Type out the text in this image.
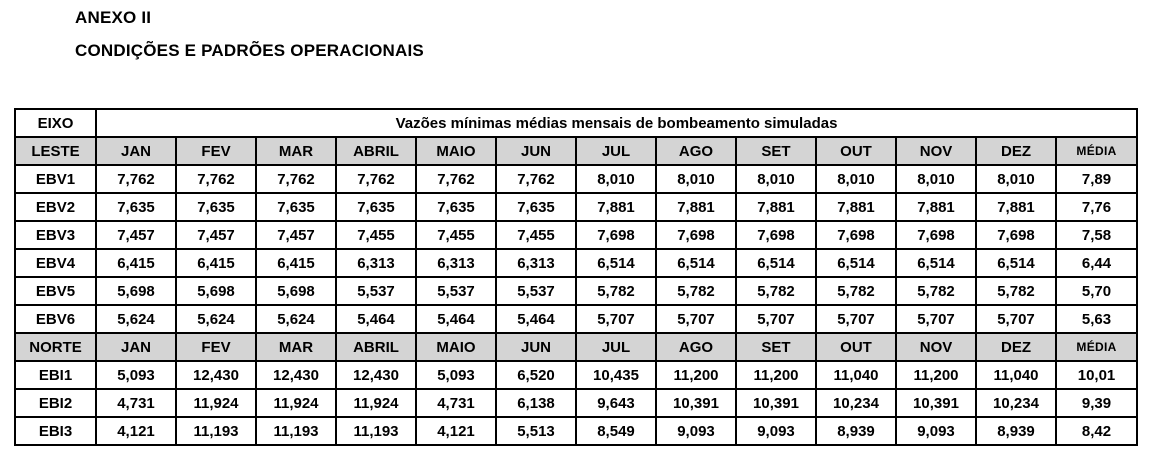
ANEXO II

CONDIÇÕES E PADRÕES OPERACIONAIS

EIXO	Vazões mínimas médias mensais de bombeamento simuladas												
LESTE	JAN	FEV	MAR	ABRIL	MAIO	JUN	JUL	AGO	SET	OUT	NOV	DEZ	MÉDIA
EBV1	7,762	7,762	7,762	7,762	7,762	7,762	8,010	8,010	8,010	8,010	8,010	8,010	7,89
EBV2	7,635	7,635	7,635	7,635	7,635	7,635	7,881	7,881	7,881	7,881	7,881	7,881	7,76
EBV3	7,457	7,457	7,457	7,455	7,455	7,455	7,698	7,698	7,698	7,698	7,698	7,698	7,58
EBV4	6,415	6,415	6,415	6,313	6,313	6,313	6,514	6,514	6,514	6,514	6,514	6,514	6,44
EBV5	5,698	5,698	5,698	5,537	5,537	5,537	5,782	5,782	5,782	5,782	5,782	5,782	5,70
EBV6	5,624	5,624	5,624	5,464	5,464	5,464	5,707	5,707	5,707	5,707	5,707	5,707	5,63
NORTE	JAN	FEV	MAR	ABRIL	MAIO	JUN	JUL	AGO	SET	OUT	NOV	DEZ	MÉDIA
EBI1	5,093	12,430	12,430	12,430	5,093	6,520	10,435	11,200	11,200	11,040	11,200	11,040	10,01
EBI2	4,731	11,924	11,924	11,924	4,731	6,138	9,643	10,391	10,391	10,234	10,391	10,234	9,39
EBI3	4,121	11,193	11,193	11,193	4,121	5,513	8,549	9,093	9,093	8,939	9,093	8,939	8,42
